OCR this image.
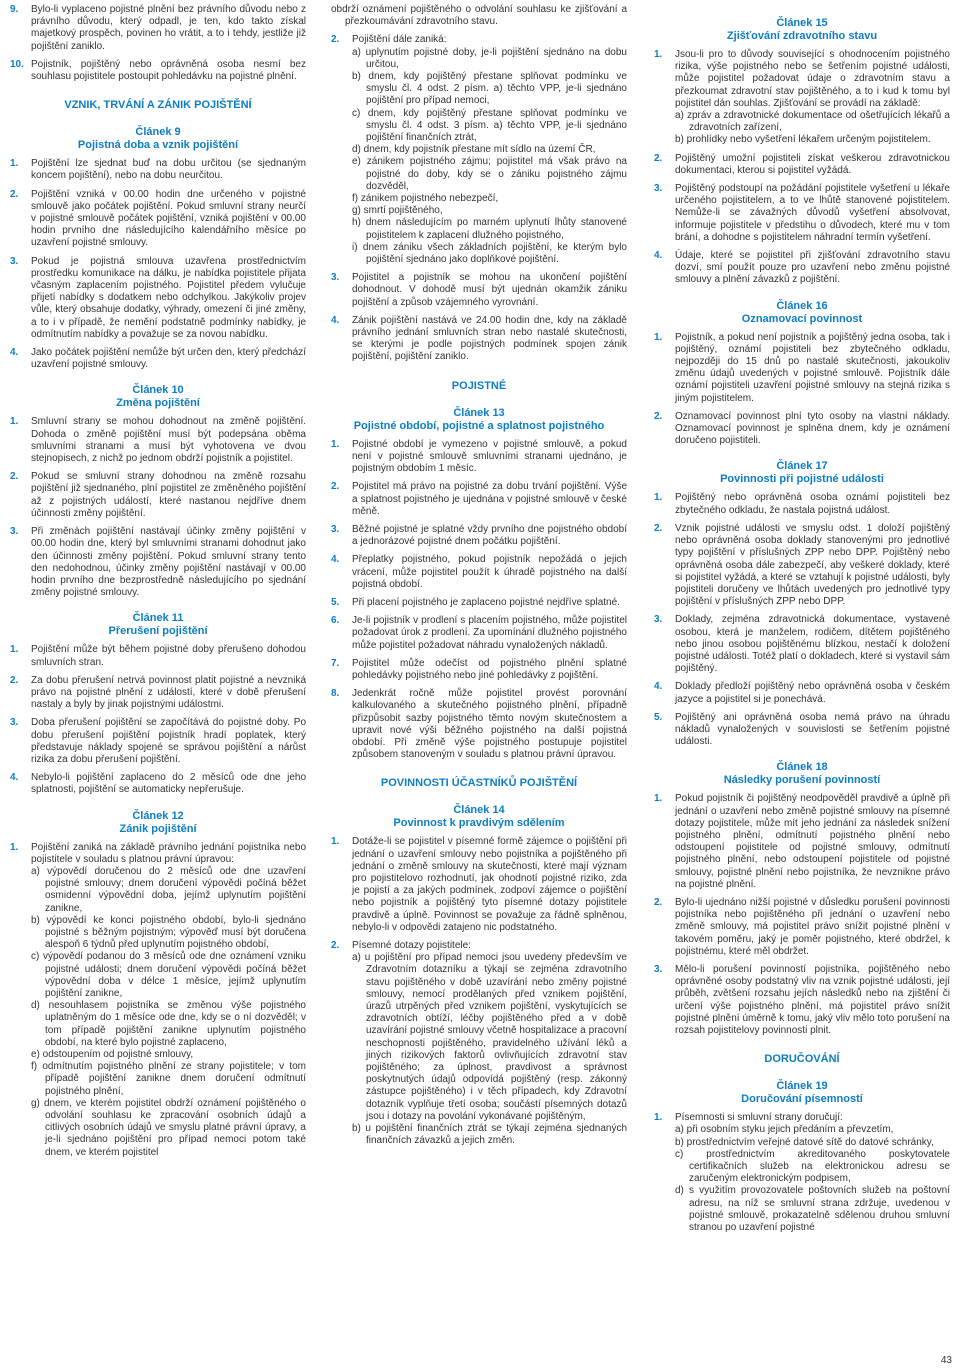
9.	Bylo-li vyplaceno pojistné plnění bez právního důvodu nebo z právního důvodu, který odpadl, je ten, kdo takto získal majetkový prospěch, povinen ho vrátit, a to i tehdy, jestliže již pojištění zaniklo.

10. Pojistník, pojištěný nebo oprávněná osoba nesmí bez souhlasu pojistitele postoupit pohledávku na pojistné plnění.

VZNIK, TRVÁNÍ A ZÁNIK POJIŠTĚNÍ
Článek 9
Pojistná doba a vznik pojištění
1.	Pojištění lze sjednat buď na dobu určitou (se sjednaným koncem pojištění), nebo na dobu neurčitou.

2.	Pojištění vzniká v 00.00 hodin dne určeného v pojistné smlouvě jako počátek pojištění. Pokud smluvní strany neurčí v pojistné smlouvě počátek pojištění, vzniká pojištění v 00.00 hodin prvního dne následujícího kalendářního měsíce po uzavření pojistné smlouvy.

3.	Pokud je pojistná smlouva uzavřena prostřednictvím prostředku komunikace na dálku, je nabídka pojistitele přijata včasným zaplacením pojistného. Pojistitel předem vylučuje přijetí nabídky s dodatkem nebo odchylkou. Jakýkoliv projev vůle, který obsahuje dodatky, výhrady, omezení či jiné změny, a to i v případě, že nemění podstatně podmínky nabídky, je odmítnutím nabídky a považuje se za novou nabídku.

4.	Jako počátek pojištění nemůže být určen den, který předchází uzavření pojistné smlouvy.

Článek 10
Změna pojištění
1.	Smluvní strany se mohou dohodnout na změně pojištění. Dohoda o změně pojištění musí být podepsána oběma smluvními stranami a musí být vyhotovena ve dvou stejnopisech, z nichž po jednom obdrží pojistník a pojistitel.

2.	Pokud se smluvní strany dohodnou na změně rozsahu pojištění již sjednaného, plní pojistitel ze změněného pojištění až z pojistných událostí, které nastanou nejdříve dnem účinnosti změny pojištění.

3.	Při změnách pojištění nastávají účinky změny pojištění v 00.00 hodin dne, který byl smluvními stranami dohodnut jako den účinnosti změny pojištění. Pokud smluvní strany tento den nedohodnou, účinky změny pojištění nastávají v 00.00 hodin prvního dne bezprostředně následujícího po sjednání změny pojistné smlouvy.

Článek 11
Přerušení pojištění
1.	Pojištění může být během pojistné doby přerušeno dohodou smluvních stran.

2.	Za dobu přerušení netrvá povinnost platit pojistné a nevzniká právo na pojistné plnění z událostí, které v době přerušení nastaly a byly by jinak pojistnými událostmi.

3.	Doba přerušení pojištění se započítává do pojistné doby. Po dobu přerušení pojištění pojistník hradí poplatek, který představuje náklady spojené se správou pojištění a nárůst rizika za dobu přerušení pojištění.

4.	Nebylo-li pojištění zaplaceno do 2 měsíců ode dne jeho splatnosti, pojištění se automaticky nepřerušuje.

Článek 12
Zánik pojištění
1.	Pojištění zaniká na základě právního jednání pojistníka nebo pojistitele v souladu s platnou právní úpravou:

a) výpovědí doručenou do 2 měsíců ode dne uzavření pojistné smlouvy; dnem doručení výpovědi počíná běžet osmidenní výpovědní doba, jejímž uplynutím pojištění zanikne,
b) výpovědí ke konci pojistného období, bylo-li sjednáno pojistné s běžným pojistným; výpověď musí být doručena alespoň 6 týdnů před uplynutím pojistného období,
c) výpovědí podanou do 3 měsíců ode dne oznámení vzniku pojistné události; dnem doručení výpovědi počíná běžet výpovědní doba v délce 1 měsíce, jejímž uplynutím pojištění zanikne,
d) nesouhlasem pojistníka se změnou výše pojistného uplatněným do 1 měsíce ode dne, kdy se o ní dozvěděl; v tom případě pojištění zanikne uplynutím pojistného období, na které bylo pojistné zaplaceno,
e) odstoupením od pojistné smlouvy,
f) odmítnutím pojistného plnění ze strany pojistitele; v tom případě pojištění zanikne dnem doručení odmítnutí pojistného plnění,
g) dnem, ve kterém pojistitel obdrží oznámení pojištěného o odvolání souhlasu ke zpracování osobních údajů a citlivých osobních údajů ve smyslu platné právní úpravy, a je-li sjednáno pojištění pro případ nemoci potom také dnem, ve kterém pojistitel
obdrží oznámení pojištěného o odvolání souhlasu ke zjišťování a přezkoumávání zdravotního stavu.
2.	Pojištění dále zaniká:

a) uplynutím pojistné doby, je-li pojištění sjednáno na dobu určitou,
b) dnem, kdy pojištěný přestane splňovat podmínku ve smyslu čl. 4 odst. 2 písm. a) těchto VPP, je-li sjednáno pojištění pro případ nemoci,
c) dnem, kdy pojištěný přestane splňovat podmínku ve smyslu čl. 4 odst. 3 písm. a) těchto VPP, je-li sjednáno pojištění finančních ztrát,
d) dnem, kdy pojistník přestane mít sídlo na území ČR,
e) zánikem pojistného zájmu; pojistitel má však právo na pojistné do doby, kdy se o zániku pojistného zájmu dozvěděl,
f) zánikem pojistného nebezpečí,
g) smrtí pojištěného,
h) dnem následujícím po marném uplynutí lhůty stanovené pojistitelem k zaplacení dlužného pojistného,
i) dnem zániku všech základních pojištění, ke kterým bylo pojištění sjednáno jako doplňkové pojištění.
3.	Pojistitel a pojistník se mohou na ukončení pojištění dohodnout. V dohodě musí být ujednán okamžik zániku pojištění a způsob vzájemného vyrovnání.

4.	Zánik pojištění nastává ve 24.00 hodin dne, kdy na základě právního jednání smluvních stran nebo nastalé skutečnosti, se kterými je podle pojistných podmínek spojen zánik pojištění, pojištění zaniklo.

POJISTNÉ
Článek 13
Pojistné období, pojistné a splatnost pojistného
1.	Pojistné období je vymezeno v pojistné smlouvě, a pokud není v pojistné smlouvě smluvními stranami ujednáno, je pojistným obdobím 1 měsíc.

2.	Pojistitel má právo na pojistné za dobu trvání pojištění. Výše a splatnost pojistného je ujednána v pojistné smlouvě v české měně.

3.	Běžné pojistné je splatné vždy prvního dne pojistného období a jednorázové pojistné dnem počátku pojištění.

4.	Přeplatky pojistného, pokud pojistník nepožádá o jejich vrácení, může pojistitel použít k úhradě pojistného na další pojistná období.

5.	Při placení pojistného je zaplaceno pojistné nejdříve splatné.

6.	Je-li pojistník v prodlení s placením pojistného, může pojistitel požadovat úrok z prodlení. Za upomínání dlužného pojistného může pojistitel požadovat náhradu vynaložených nákladů.

7.	Pojistitel může odečíst od pojistného plnění splatné pohledávky pojistného nebo jiné pohledávky z pojištění.

8.	Jedenkrát ročně může pojistitel provést porovnání kalkulovaného a skutečného pojistného plnění, případně přizpůsobit sazby pojistného těmto novým skutečnostem a upravit nové výši běžného pojistného na další pojistná období. Při změně výše pojistného postupuje pojistitel způsobem stanoveným v souladu s platnou právní úpravou.

POVINNOSTI ÚČASTNÍKŮ POJIŠTĚNÍ
Článek 14
Povinnost k pravdivým sdělením
1.	Dotáže-li se pojistitel v písemné formě zájemce o pojištění při jednání o uzavření smlouvy nebo pojistníka a pojištěného při jednání o změně smlouvy na skutečnosti, které mají význam pro pojistitelovo rozhodnutí, jak ohodnotí pojistné riziko, zda je pojistí a za jakých podmínek, zodpoví zájemce o pojištění nebo pojistník a pojištěný tyto písemné dotazy pojistitele pravdivě a úplně. Povinnost se považuje za řádně splněnou, nebylo-li v odpovědi zatajeno nic podstatného.

2.	Písemné dotazy pojistitele:

a) u pojištění pro případ nemoci jsou uvedeny především ve Zdravotním dotazníku a týkají se zejména zdravotního stavu pojištěného v době uzavírání nebo změny pojistné smlouvy, nemocí prodělaných před vznikem pojištění, úrazů utrpěných před vznikem pojištění, vyskytujících se zdravotních obtíží, léčby pojištěného před a v době uzavírání pojistné smlouvy včetně hospitalizace a pracovní neschopnosti pojištěného, pravidelného užívání léků a jiných rizikových faktorů ovlivňujících zdravotní stav pojištěného; za úplnost, pravdivost a správnost poskytnutých údajů odpovídá pojištěný (resp. zákonný zástupce pojištěného) i v těch případech, kdy Zdravotní dotazník vyplňuje třetí osoba; součástí písemných dotazů jsou i dotazy na povolání vykonávané pojištěným,
b) u pojištění finančních ztrát se týkají zejména sjednaných finančních závazků a jejich změn.
Článek 15
Zjišťování zdravotního stavu
1.	Jsou-li pro to důvody související s ohodnocením pojistného rizika, výše pojistného nebo se šetřením pojistné události, může pojistitel požadovat údaje o zdravotním stavu a přezkoumat zdravotní stav pojištěného, a to i kud k tomu byl pojistitel dán souhlas. Zjišťování se provádí na základě:

a) zpráv a zdravotnické dokumentace od ošetřujících lékařů a zdravotních zařízení,
b) prohlídky nebo vyšetření lékařem určeným pojistitelem.
2.	Pojištěný umožní pojistiteli získat veškerou zdravotnickou dokumentaci, kterou si pojistitel vyžádá.

3.	Pojištěný podstoupí na požádání pojistitele vyšetření u lékaře určeného pojistitelem, a to ve lhůtě stanovené pojistitelem. Nemůže-li se závažných důvodů vyšetření absolvovat, informuje pojistitele v předstihu o důvodech, které mu v tom brání, a dohodne s pojistitelem náhradní termín vyšetření.

4.	Údaje, které se pojistitel při zjišťování zdravotního stavu dozví, smí použít pouze pro uzavření nebo změnu pojistné smlouvy a plnění závazků z pojištění.

Článek 16
Oznamovací povinnost
1.	Pojistník, a pokud není pojistník a pojištěný jedna osoba, tak i pojištěný, oznámí pojistiteli bez zbytečného odkladu, nejpozději do 15 dnů po nastalé skutečnosti, jakoukoliv změnu údajů uvedených v pojistné smlouvě. Pojistník dále oznámí pojistiteli uzavření pojistné smlouvy na stejná rizika s jiným pojistitelem.

2.	Oznamovací povinnost plní tyto osoby na vlastní náklady. Oznamovací povinnost je splněna dnem, kdy je oznámení doručeno pojistiteli.

Článek 17
Povinnosti při pojistné události
1.	Pojištěný nebo oprávněná osoba oznámí pojistiteli bez zbytečného odkladu, že nastala pojistná událost.

2.	Vznik pojistné události ve smyslu odst. 1 doloží pojištěný nebo oprávněná osoba doklady stanovenými pro jednotlivé typy pojištění v příslušných ZPP nebo DPP. Pojištěný nebo oprávněná osoba dále zabezpečí, aby veškeré doklady, které si pojistitel vyžádá, a které se vztahují k pojistné události, byly pojistiteli doručeny ve lhůtách uvedených pro jednotlivé typy pojištění v příslušných ZPP nebo DPP.

3.	Doklady, zejména zdravotnická dokumentace, vystavené osobou, která je manželem, rodičem, dítětem pojištěného nebo jinou osobou pojištěnému blízkou, nestačí k doložení pojistné události. Totéž platí o dokladech, které si vystavil sám pojištěný.

4.	Doklady předloží pojištěný nebo oprávněná osoba v českém jazyce a pojistitel si je ponechává.

5.	Pojištěný ani oprávněná osoba nemá právo na úhradu nákladů vynaložených v souvislosti se šetřením pojistné události.

Článek 18
Následky porušení povinností
1.	Pokud pojistník či pojištěný neodpověděl pravdivě a úplně při jednání o uzavření nebo změně pojistné smlouvy na písemné dotazy pojistitele, může mít jeho jednání za následek snížení pojistného plnění, odmítnutí pojistného plnění nebo odstoupení pojistitele od pojistné smlouvy, odmítnutí pojistného plnění, nebo odstoupení pojistitele od pojistné smlouvy, pojistné plnění nebo pojistníka, že nevznikne právo na pojistné plnění.

2.	Bylo-li ujednáno nižší pojistné v důsledku porušení povinnosti pojistníka nebo pojištěného při jednání o uzavření nebo změně smlouvy, má pojistitel právo snížit pojistné plnění v takovém poměru, jaký je poměr pojistného, které obdržel, k pojistnému, které měl obdržet.

3.	Mělo-li porušení povinností pojistníka, pojištěného nebo oprávněné osoby podstatný vliv na vznik pojistné události, její průběh, zvětšení rozsahu jejích následků nebo na zjištění či určení výše pojistného plnění, má pojistitel právo snížit pojistné plnění úměrně k tomu, jaký vliv mělo toto porušení na rozsah pojistitelovy povinnosti plnit.

DORUČOVÁNÍ
Článek 19
Doručování písemností
1.	Písemnosti si smluvní strany doručují:

a) při osobním styku jejich předáním a převzetím,
b) prostřednictvím veřejné datové sítě do datové schránky,
c) prostřednictvím akreditovaného poskytovatele certifikačních služeb na elektronickou adresu se zaručeným elektronickým podpisem,
d) s využitím provozovatele poštovních služeb na poštovní adresu, na níž se smluvní strana zdržuje, uvedenou v pojistné smlouvě, prokazatelně sdělenou druhou smluvní stranou po uzavření pojistné
43
